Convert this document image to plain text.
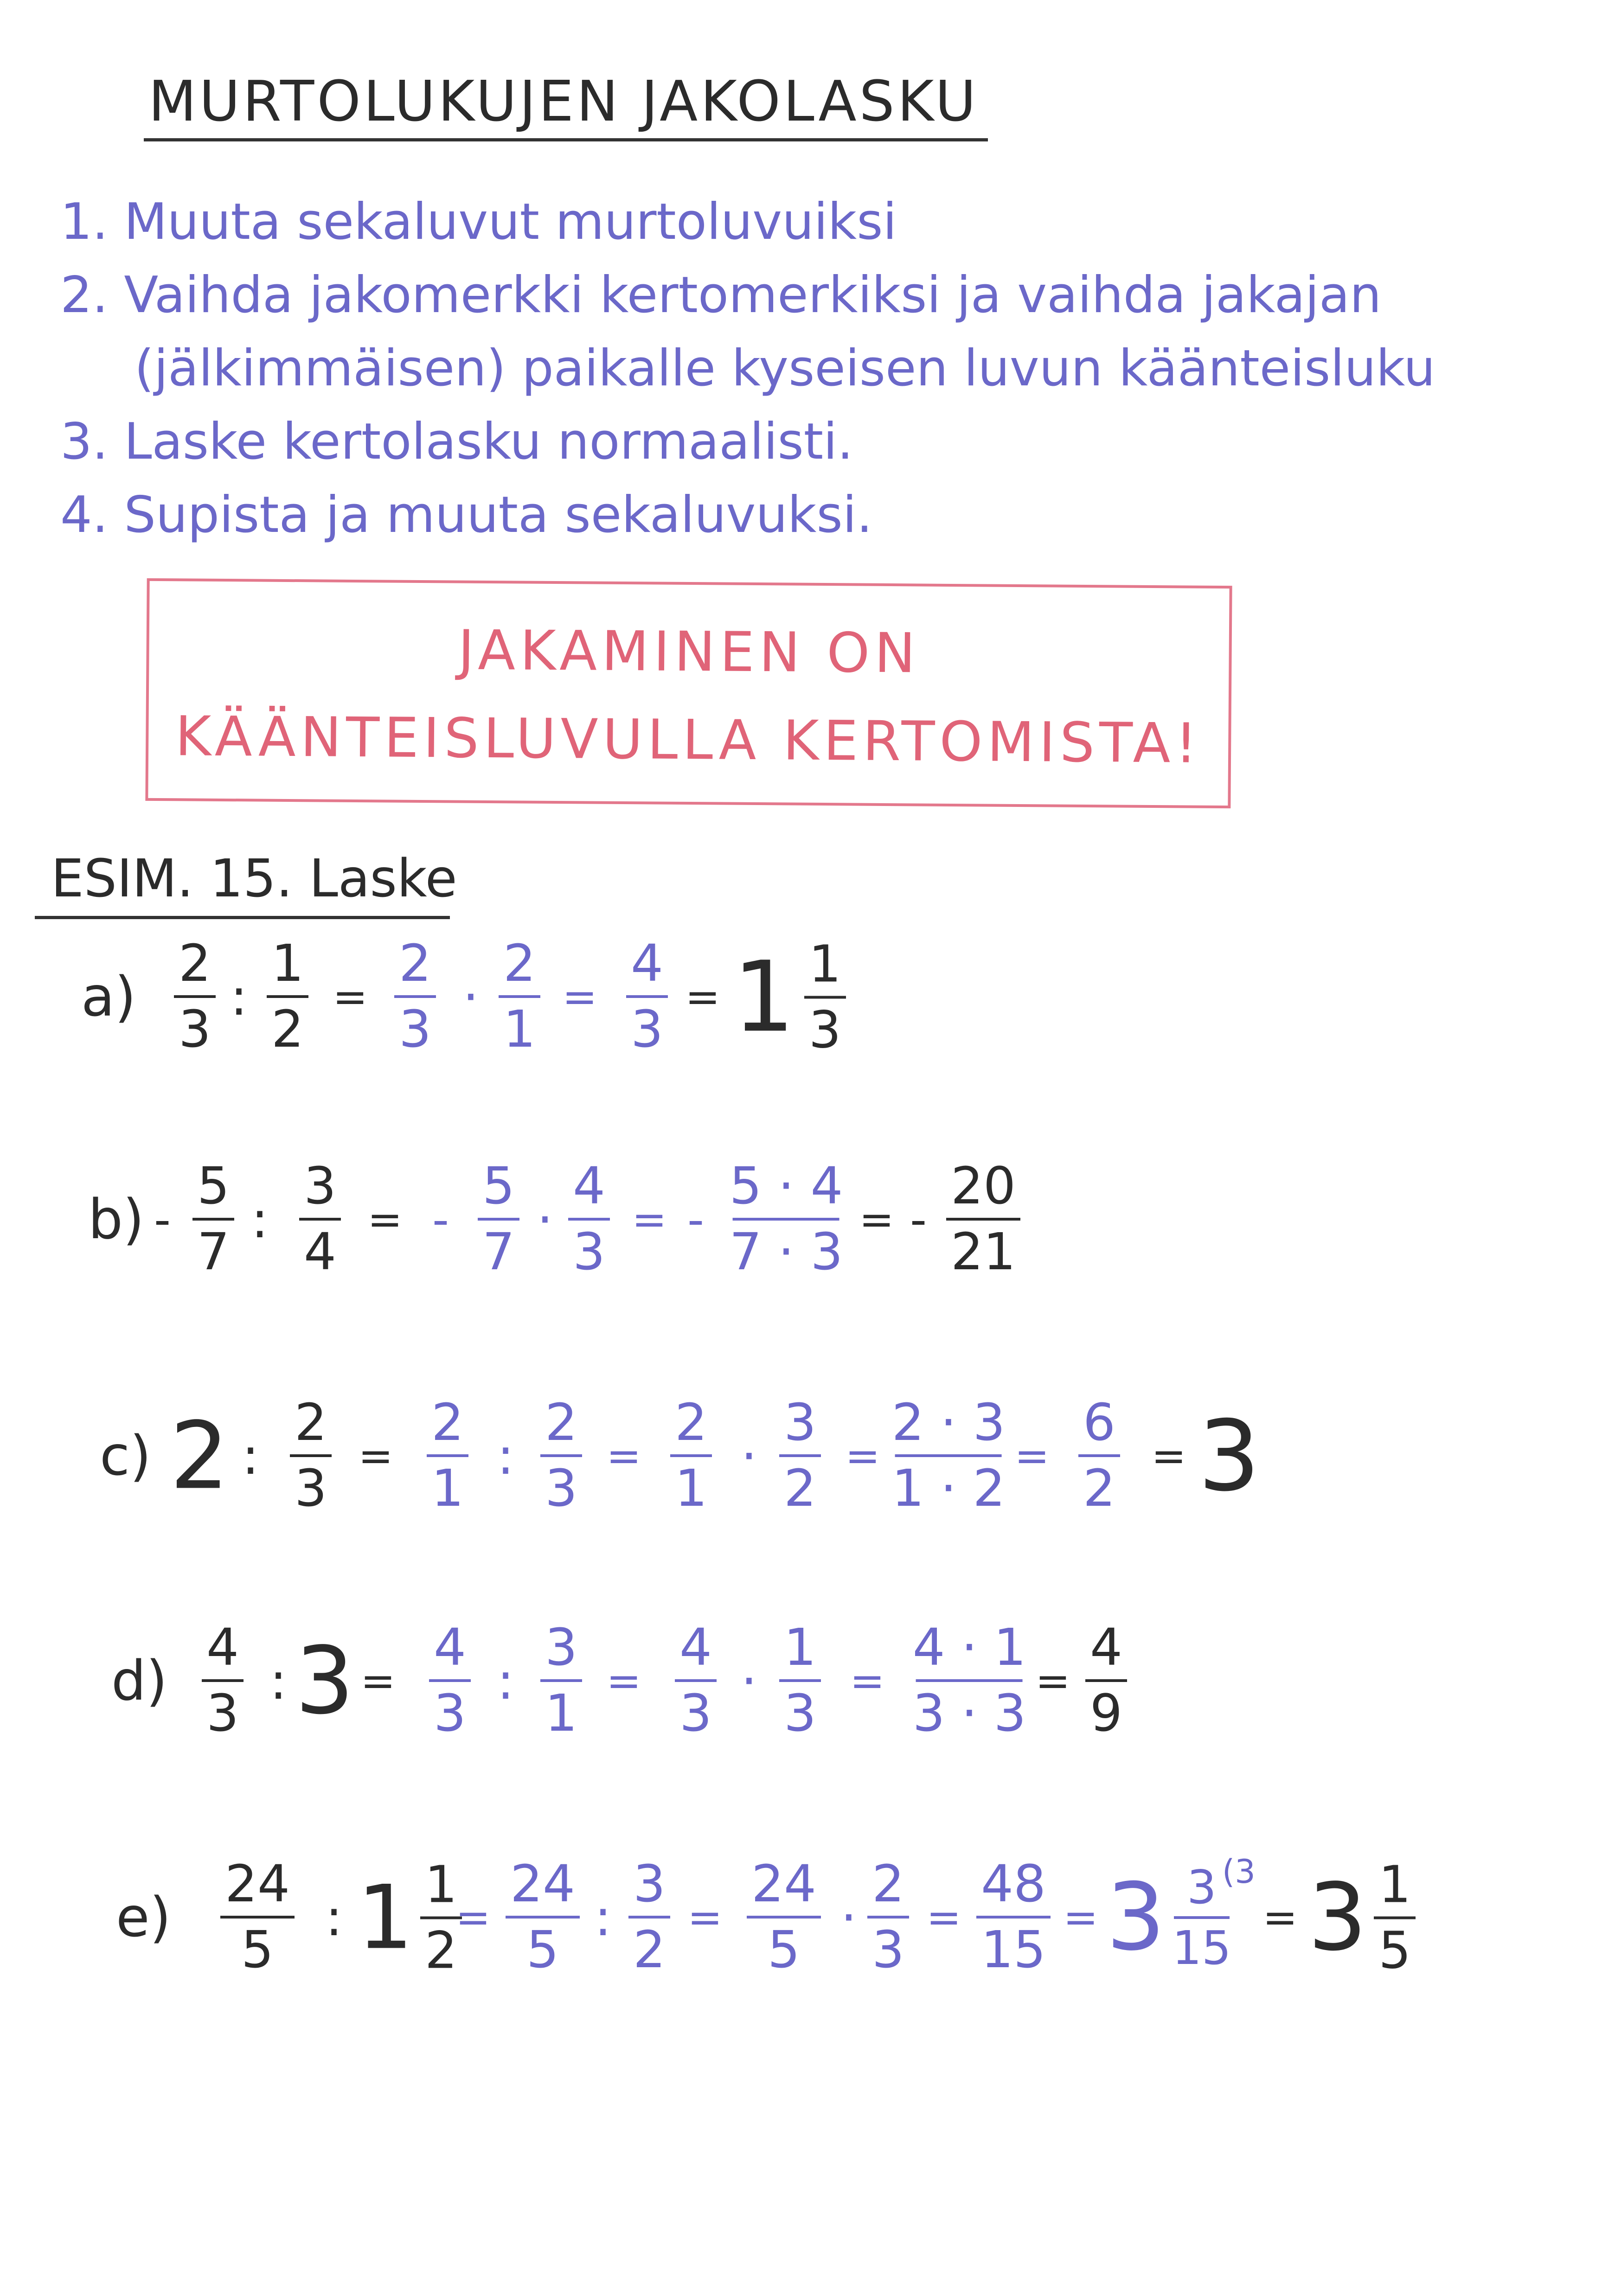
MURTOLUKUJEN JAKOLASKU
1. Muuta sekaluvut murtoluvuiksi
2. Vaihda jakomerkki kertomerkiksi ja vaihda jakajan
(jälkimmäisen) paikalle kyseisen luvun käänteisluku
3. Laske kertolasku normaalisti.
4. Supista ja muuta sekaluvuksi.
JAKAMINEN ON
KÄÄNTEISLUVULLA KERTOMISTA!
ESIM. 15. Laske
a)
2
3
:
1
2
=
2
3
·
2
1
=
4
3
= 1 1
3
b) -
5
7
:
3
4
= -
5
7
·
4
3
= -
5 · 4
7 · 3
= -
20
21
c) 2 :
2
3
=
2
1
:
2
3
=
2
1
·
3
2
=
2 · 3
1 · 2
=
6
2
= 3
d)
4
3
: 3 =
4
3
:
3
1
=
4
3
·
1
3
=
4 · 1
3 · 3
=
4
9
e)
24
5
: 1 1
2
=
24
5
:
3
2
=
24
5
·
2
3
=
48
15
= 3 3
15
(3
= 3 1
5
